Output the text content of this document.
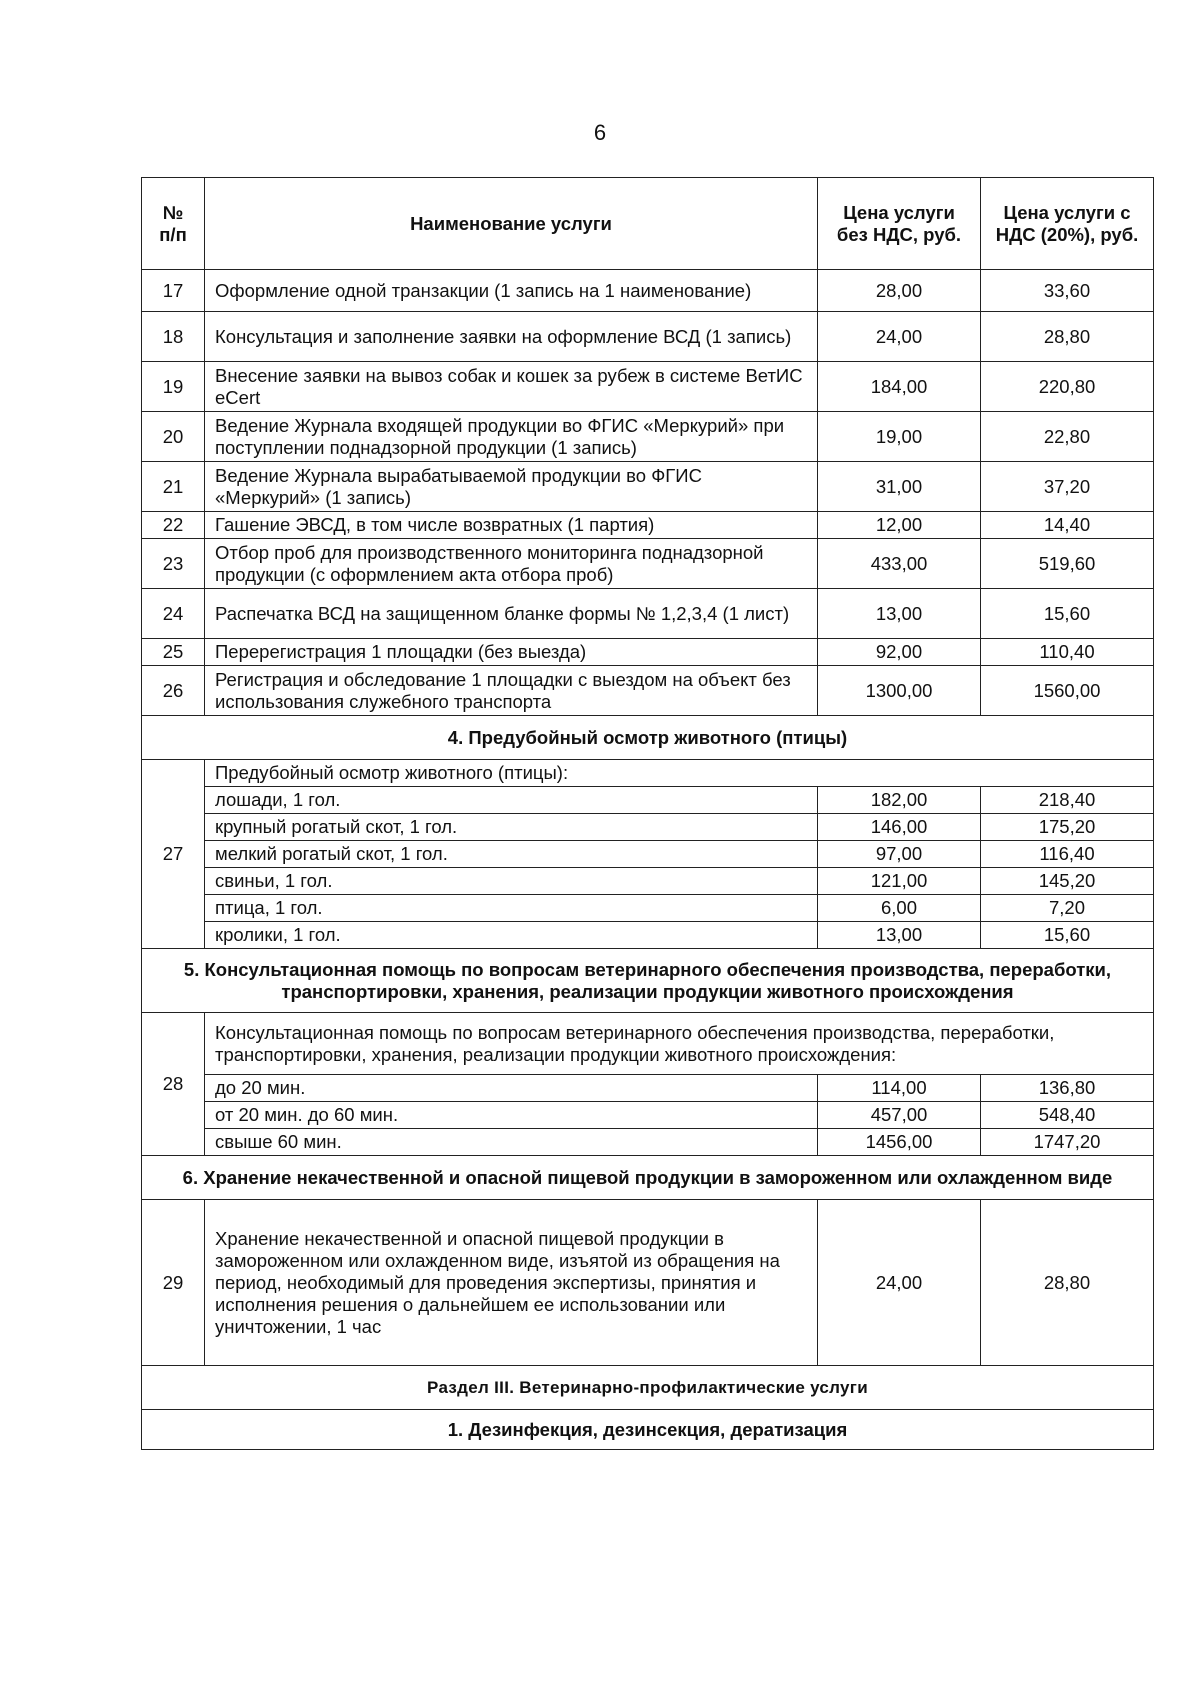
6
№ п/п	Наименование услуги	Цена услуги без НДС, руб.	Цена услуги с НДС (20%), руб.
17	Оформление одной транзакции (1 запись на 1 наименование)	28,00	33,60
18	Консультация и заполнение заявки на оформление ВСД (1 запись)	24,00	28,80
19	Внесение заявки на вывоз собак и кошек за рубеж в системе ВетИС eCert	184,00	220,80
20	Ведение Журнала входящей продукции во ФГИС «Меркурий» при поступлении поднадзорной продукции (1 запись)	19,00	22,80
21	Ведение Журнала вырабатываемой продукции во ФГИС «Меркурий» (1 запись)	31,00	37,20
22	Гашение ЭВСД, в том числе возвратных (1 партия)	12,00	14,40
23	Отбор проб для производственного мониторинга поднадзорной продукции (с оформлением акта отбора проб)	433,00	519,60
24	Распечатка ВСД на защищенном бланке формы № 1,2,3,4 (1 лист)	13,00	15,60
25	Перерегистрация 1 площадки (без выезда)	92,00	110,40
26	Регистрация и обследование 1 площадки с выездом на объект без использования служебного транспорта	1300,00	1560,00
4. Предубойный осмотр животного (птицы)			
27	Предубойный осмотр животного (птицы):		
	лошади, 1 гол.	182,00	218,40
	крупный рогатый скот, 1 гол.	146,00	175,20
	мелкий рогатый скот, 1 гол.	97,00	116,40
	свиньи, 1 гол.	121,00	145,20
	птица, 1 гол.	6,00	7,20
	кролики, 1 гол.	13,00	15,60
5. Консультационная помощь по вопросам ветеринарного обеспечения производства, переработки, транспортировки, хранения, реализации продукции животного происхождения			
28	Консультационная помощь по вопросам ветеринарного обеспечения производства, переработки, транспортировки, хранения, реализации продукции животного происхождения:		
	до 20 мин.	114,00	136,80
	от 20 мин. до 60 мин.	457,00	548,40
	свыше 60 мин.	1456,00	1747,20
6. Хранение некачественной и опасной пищевой продукции в замороженном или охлажденном виде			
29	Хранение некачественной и опасной пищевой продукции в замороженном или охлажденном виде, изъятой из обращения на период, необходимый для проведения экспертизы, принятия и исполнения решения о дальнейшем ее использовании или уничтожении, 1 час	24,00	28,80
Раздел III. Ветеринарно-профилактические услуги			
1. Дезинфекция, дезинсекция, дератизация			
